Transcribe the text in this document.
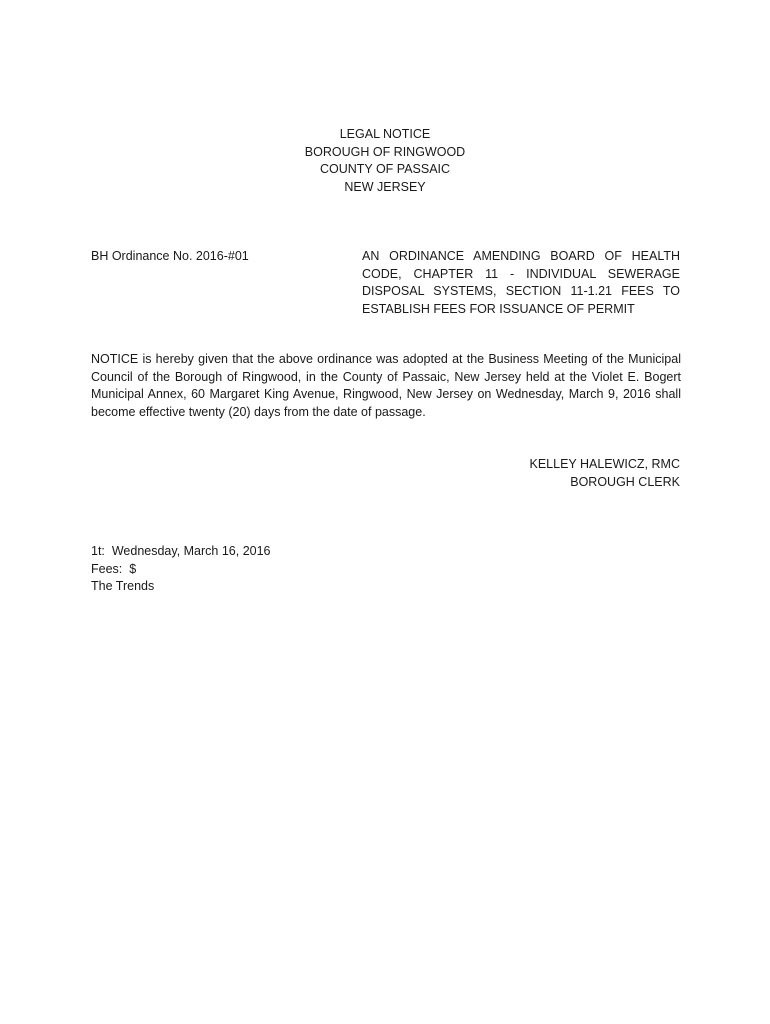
LEGAL NOTICE
BOROUGH OF RINGWOOD
COUNTY OF PASSAIC
NEW JERSEY
BH Ordinance No. 2016-#01	AN ORDINANCE AMENDING BOARD OF HEALTH CODE, CHAPTER 11 - INDIVIDUAL SEWERAGE DISPOSAL SYSTEMS, SECTION 11-1.21 FEES TO ESTABLISH FEES FOR ISSUANCE OF PERMIT
NOTICE is hereby given that the above ordinance was adopted at the Business Meeting of the Municipal Council of the Borough of Ringwood, in the County of Passaic, New Jersey held at the Violet E. Bogert Municipal Annex, 60 Margaret King Avenue, Ringwood, New Jersey on Wednesday, March 9, 2016 shall become effective twenty (20) days from the date of passage.
KELLEY HALEWICZ, RMC
BOROUGH CLERK
1t:  Wednesday, March 16, 2016
Fees:  $
The Trends
